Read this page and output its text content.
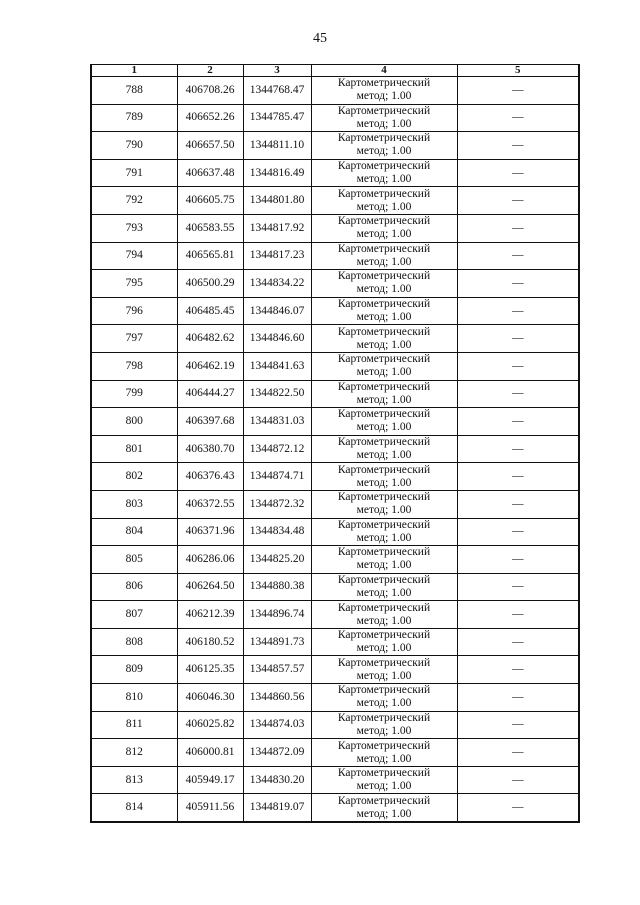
45
1	2	3	4	5
788	406708.26	1344768.47	Картометрический
метод; 1.00	—
789	406652.26	1344785.47	Картометрический
метод; 1.00	—
790	406657.50	1344811.10	Картометрический
метод; 1.00	—
791	406637.48	1344816.49	Картометрический
метод; 1.00	—
792	406605.75	1344801.80	Картометрический
метод; 1.00	—
793	406583.55	1344817.92	Картометрический
метод; 1.00	—
794	406565.81	1344817.23	Картометрический
метод; 1.00	—
795	406500.29	1344834.22	Картометрический
метод; 1.00	—
796	406485.45	1344846.07	Картометрический
метод; 1.00	—
797	406482.62	1344846.60	Картометрический
метод; 1.00	—
798	406462.19	1344841.63	Картометрический
метод; 1.00	—
799	406444.27	1344822.50	Картометрический
метод; 1.00	—
800	406397.68	1344831.03	Картометрический
метод; 1.00	—
801	406380.70	1344872.12	Картометрический
метод; 1.00	—
802	406376.43	1344874.71	Картометрический
метод; 1.00	—
803	406372.55	1344872.32	Картометрический
метод; 1.00	—
804	406371.96	1344834.48	Картометрический
метод; 1.00	—
805	406286.06	1344825.20	Картометрический
метод; 1.00	—
806	406264.50	1344880.38	Картометрический
метод; 1.00	—
807	406212.39	1344896.74	Картометрический
метод; 1.00	—
808	406180.52	1344891.73	Картометрический
метод; 1.00	—
809	406125.35	1344857.57	Картометрический
метод; 1.00	—
810	406046.30	1344860.56	Картометрический
метод; 1.00	—
811	406025.82	1344874.03	Картометрический
метод; 1.00	—
812	406000.81	1344872.09	Картометрический
метод; 1.00	—
813	405949.17	1344830.20	Картометрический
метод; 1.00	—
814	405911.56	1344819.07	Картометрический
метод; 1.00	—
